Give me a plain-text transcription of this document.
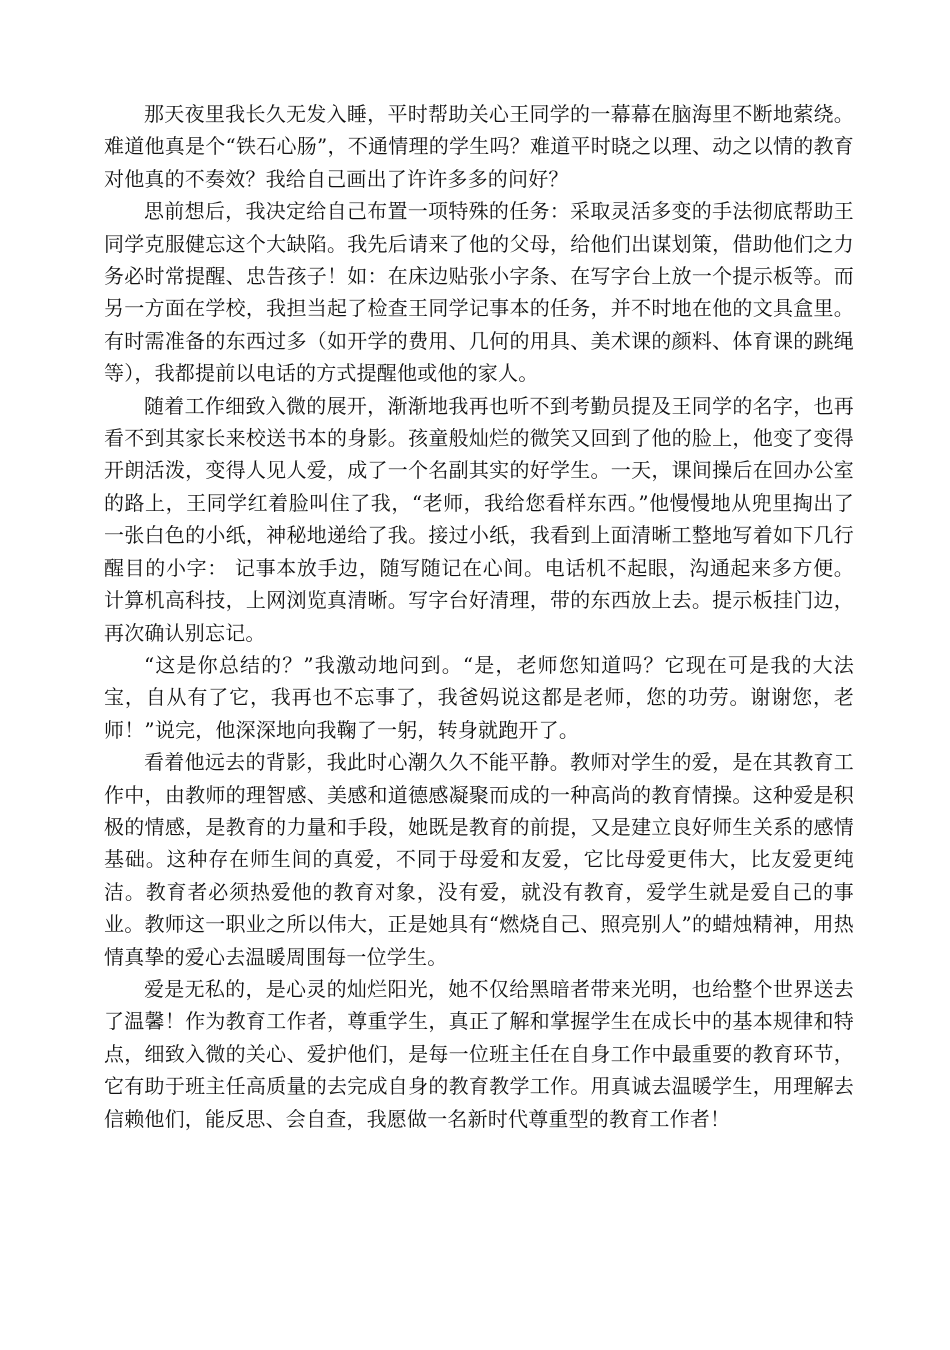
那天夜里我长久无发入睡，平时帮助关心王同学的一幕幕在脑海里不断地萦绕。难道他真是个“铁石心肠”，不通情理的学生吗？难道平时晓之以理、动之以情的教育对他真的不奏效？我给自己画出了许许多多的问好？

思前想后，我决定给自己布置一项特殊的任务：采取灵活多变的手法彻底帮助王同学克服健忘这个大缺陷。我先后请来了他的父母，给他们出谋划策，借助他们之力务必时常提醒、忠告孩子！如：在床边贴张小字条、在写字台上放一个提示板等。而另一方面在学校，我担当起了检查王同学记事本的任务，并不时地在他的文具盒里。有时需准备的东西过多（如开学的费用、几何的用具、美术课的颜料、体育课的跳绳等），我都提前以电话的方式提醒他或他的家人。

随着工作细致入微的展开，渐渐地我再也听不到考勤员提及王同学的名字，也再看不到其家长来校送书本的身影。孩童般灿烂的微笑又回到了他的脸上，他变了变得开朗活泼，变得人见人爱，成了一个名副其实的好学生。一天，课间操后在回办公室的路上，王同学红着脸叫住了我，“老师，我给您看样东西。”他慢慢地从兜里掏出了一张白色的小纸，神秘地递给了我。接过小纸，我看到上面清晰工整地写着如下几行醒目的小字： 记事本放手边，随写随记在心间。电话机不起眼，沟通起来多方便。计算机高科技，上网浏览真清晰。写字台好清理，带的东西放上去。提示板挂门边，再次确认别忘记。

“这是你总结的？”我激动地问到。“是，老师您知道吗？它现在可是我的大法宝，自从有了它，我再也不忘事了，我爸妈说这都是老师，您的功劳。谢谢您，老师！”说完，他深深地向我鞠了一躬，转身就跑开了。

看着他远去的背影，我此时心潮久久不能平静。教师对学生的爱，是在其教育工作中，由教师的理智感、美感和道德感凝聚而成的一种高尚的教育情操。这种爱是积极的情感，是教育的力量和手段，她既是教育的前提，又是建立良好师生关系的感情基础。这种存在师生间的真爱，不同于母爱和友爱，它比母爱更伟大，比友爱更纯洁。教育者必须热爱他的教育对象，没有爱，就没有教育，爱学生就是爱自己的事业。教师这一职业之所以伟大，正是她具有“燃烧自己、照亮别人”的蜡烛精神，用热情真挚的爱心去温暖周围每一位学生。

爱是无私的，是心灵的灿烂阳光，她不仅给黑暗者带来光明，也给整个世界送去了温馨！作为教育工作者，尊重学生，真正了解和掌握学生在成长中的基本规律和特点，细致入微的关心、爱护他们，是每一位班主任在自身工作中最重要的教育环节，它有助于班主任高质量的去完成自身的教育教学工作。用真诚去温暖学生，用理解去信赖他们，能反思、会自查，我愿做一名新时代尊重型的教育工作者！
